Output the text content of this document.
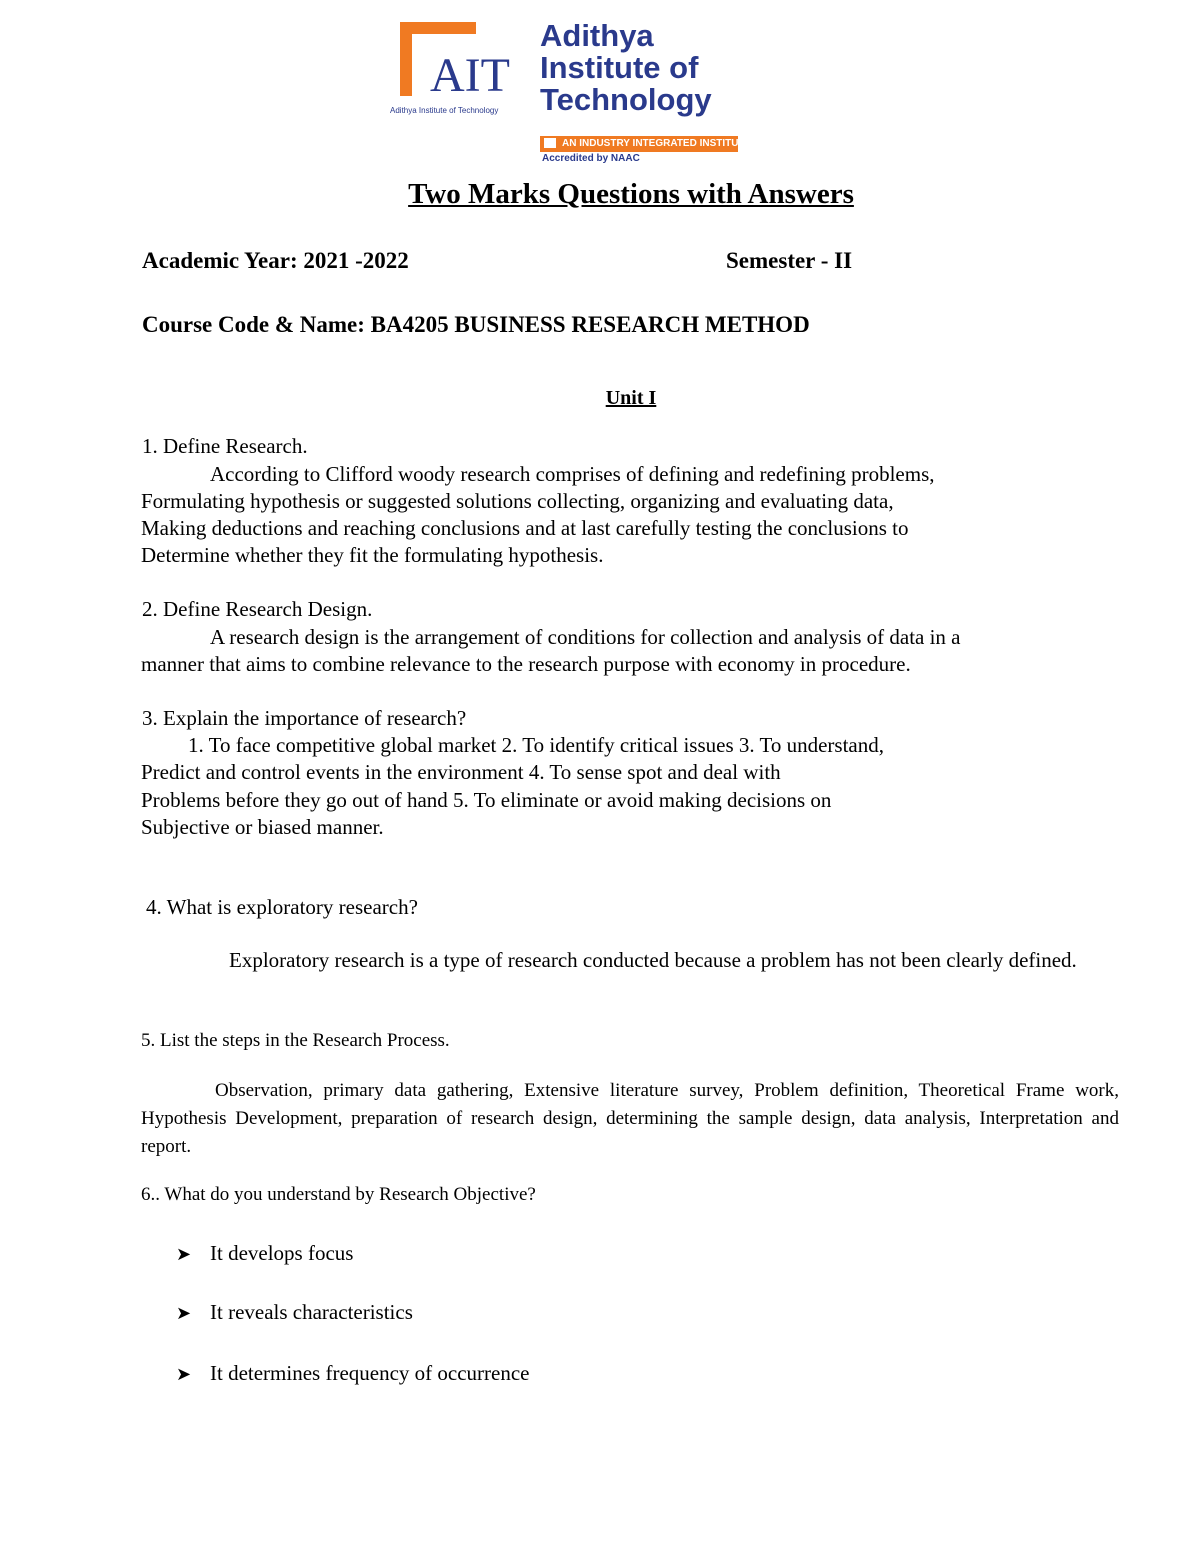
AIT
Adithya Institute of Technology
Adithya
Institute of
Technology
AN INDUSTRY INTEGRATED INSTITUTION
Accredited by NAAC
Two Marks Questions with Answers
Academic Year: 2021 -2022	Semester - II
Course Code & Name: BA4205 BUSINESS RESEARCH METHOD
Unit I
1. Define Research.
According to Clifford woody research comprises of defining and redefining problems,
Formulating hypothesis or suggested solutions collecting, organizing and evaluating data,
Making deductions and reaching conclusions and at last carefully testing the conclusions to
Determine whether they fit the formulating hypothesis.
2. Define Research Design.
A research design is the arrangement of conditions for collection and analysis of data in a
manner that aims to combine relevance to the research purpose with economy in procedure.
3. Explain the importance of research?
1. To face competitive global market 2. To identify critical issues 3. To understand,
Predict and control events in the environment 4. To sense spot and deal with
Problems before they go out of hand 5. To eliminate or avoid making decisions on
Subjective or biased manner.
4. What is exploratory research?
Exploratory research is a type of research conducted because a problem has not been clearly defined.
5. List the steps in the Research Process.
Observation, primary data gathering, Extensive literature survey, Problem definition, Theoretical Frame work, Hypothesis Development, preparation of research design, determining the sample design, data analysis, Interpretation and report.
6.. What do you understand by Research Objective?
➤ It develops focus
➤ It reveals characteristics
➤ It determines frequency of occurrence
